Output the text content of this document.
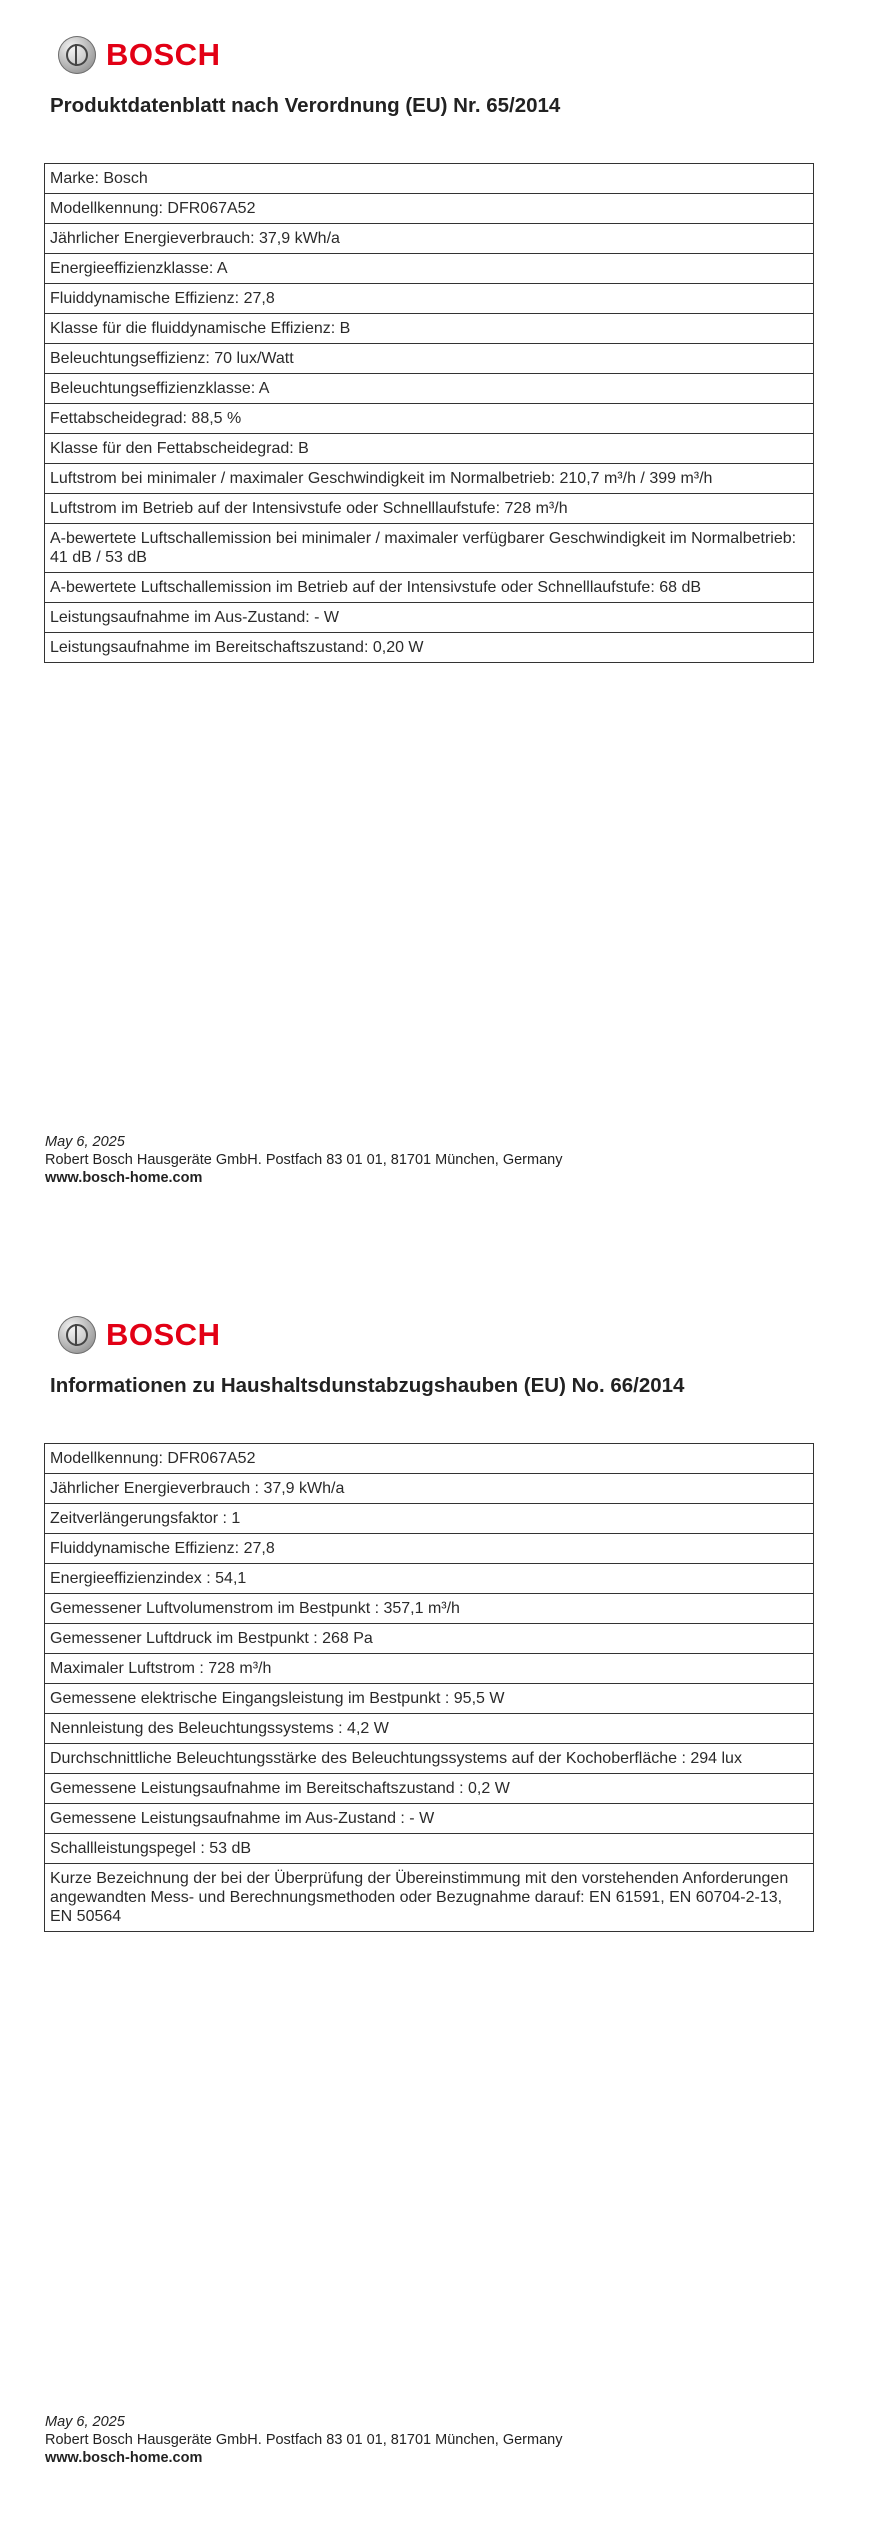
BOSCH
Produktdatenblatt nach Verordnung (EU) Nr. 65/2014
Marke: Bosch
Modellkennung: DFR067A52
Jährlicher Energieverbrauch: 37,9 kWh/a
Energieeffizienzklasse: A
Fluiddynamische Effizienz: 27,8
Klasse für die fluiddynamische Effizienz: B
Beleuchtungseffizienz: 70 lux/Watt
Beleuchtungseffizienzklasse: A
Fettabscheidegrad: 88,5 %
Klasse für den Fettabscheidegrad: B
Luftstrom bei minimaler / maximaler Geschwindigkeit im Normalbetrieb: 210,7 m³/h / 399 m³/h
Luftstrom im Betrieb auf der Intensivstufe oder Schnelllaufstufe: 728 m³/h
A-bewertete Luftschallemission bei minimaler / maximaler verfügbarer Geschwindigkeit im Normalbetrieb: 41 dB / 53 dB
A-bewertete Luftschallemission im Betrieb auf der Intensivstufe oder Schnelllaufstufe: 68 dB
Leistungsaufnahme im Aus-Zustand: - W
Leistungsaufnahme im Bereitschaftszustand: 0,20 W
May 6, 2025
Robert Bosch Hausgeräte GmbH. Postfach 83 01 01, 81701 München, Germany
www.bosch-home.com
BOSCH
Informationen zu Haushaltsdunstabzugshauben (EU) No. 66/2014
Modellkennung: DFR067A52
Jährlicher Energieverbrauch : 37,9 kWh/a
Zeitverlängerungsfaktor : 1
Fluiddynamische Effizienz: 27,8
Energieeffizienzindex : 54,1
Gemessener Luftvolumenstrom im Bestpunkt : 357,1 m³/h
Gemessener Luftdruck im Bestpunkt : 268 Pa
Maximaler Luftstrom : 728 m³/h
Gemessene elektrische Eingangsleistung im Bestpunkt : 95,5 W
Nennleistung des Beleuchtungssystems : 4,2 W
Durchschnittliche Beleuchtungsstärke des Beleuchtungssystems auf der Kochoberfläche : 294 lux
Gemessene Leistungsaufnahme im Bereitschaftszustand : 0,2 W
Gemessene Leistungsaufnahme im Aus-Zustand : - W
Schallleistungspegel : 53 dB
Kurze Bezeichnung der bei der Überprüfung der Übereinstimmung mit den vorstehenden Anforderungen angewandten Mess- und Berechnungsmethoden oder Bezugnahme darauf: EN 61591, EN 60704-2-13, EN 50564
May 6, 2025
Robert Bosch Hausgeräte GmbH. Postfach 83 01 01, 81701 München, Germany
www.bosch-home.com
